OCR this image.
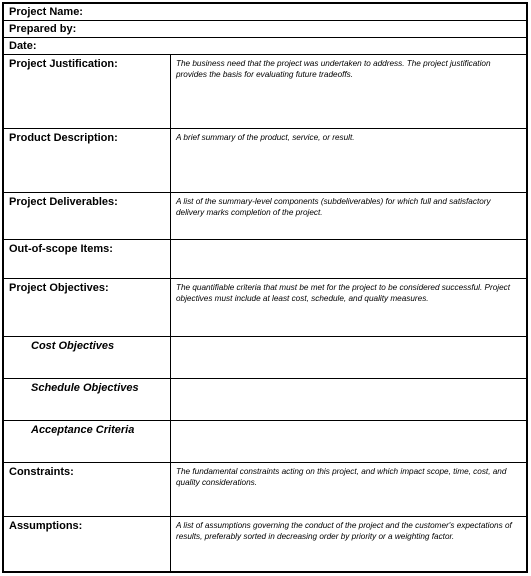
Project Name:
Prepared by:
Date:
Project Justification:	The business need that the project was undertaken to address. The project justification provides the basis for evaluating future tradeoffs.
Product Description:	A brief summary of the product, service, or result.
Project Deliverables:	A list of the summary-level components (subdeliverables) for which full and satisfactory delivery marks completion of the project.
Out-of-scope Items:
Project Objectives:	The quantifiable criteria that must be met for the project to be considered successful. Project objectives must include at least cost, schedule, and quality measures.
Cost Objectives
Schedule Objectives
Acceptance Criteria
Constraints:	The fundamental constraints acting on this project, and which impact scope, time, cost, and quality considerations.
Assumptions:	A list of assumptions governing the conduct of the project and the customer's expectations of results, preferably sorted in decreasing order by priority or a weighting factor.
